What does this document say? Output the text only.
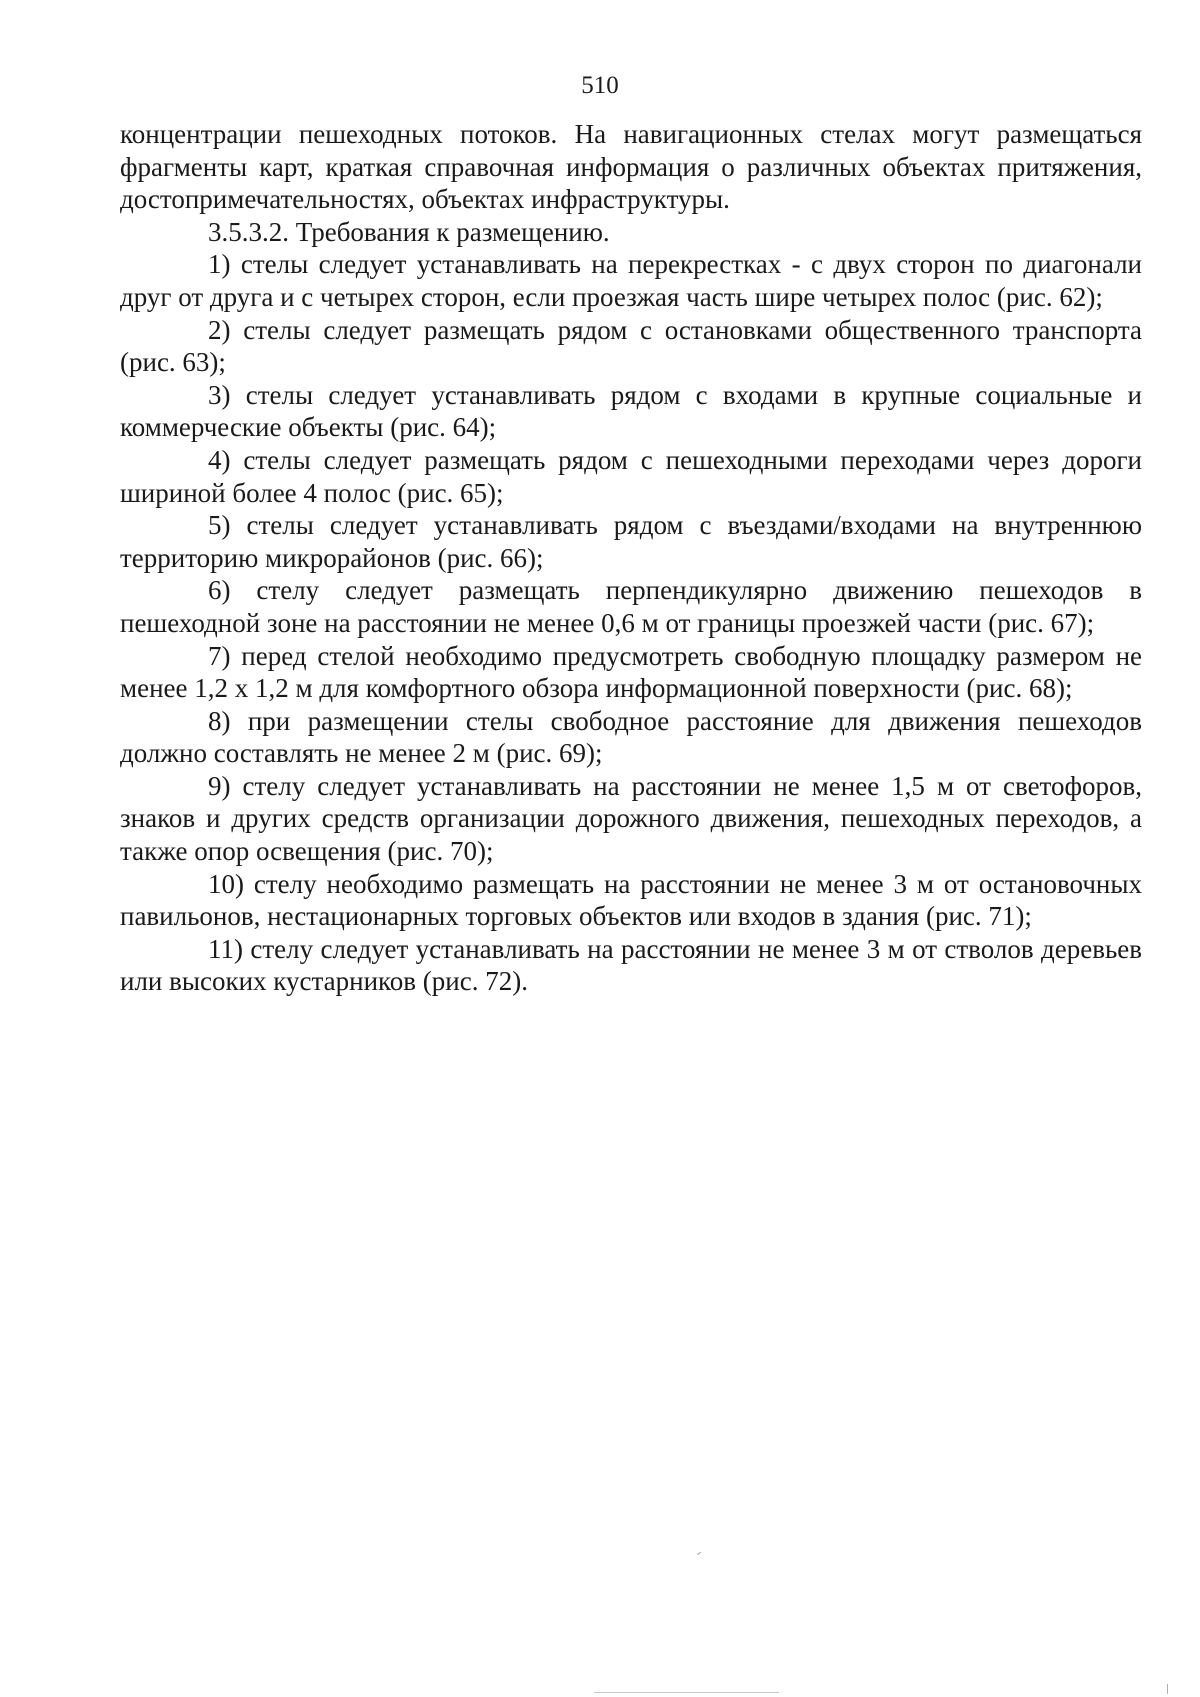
510

концентрации пешеходных потоков. На навигационных стелах могут размещаться фрагменты карт, краткая справочная информация о различных объектах притяжения, достопримечательностях, объектах инфраструктуры.

3.5.3.2. Требования к размещению.

1) стелы следует устанавливать на перекрестках - с двух сторон по диагонали друг от друга и с четырех сторон, если проезжая часть шире четырех полос (рис. 62);

2) стелы следует размещать рядом с остановками общественного транспорта (рис. 63);

3) стелы следует устанавливать рядом с входами в крупные социальные и коммерческие объекты (рис. 64);

4) стелы следует размещать рядом с пешеходными переходами через дороги шириной более 4 полос (рис. 65);

5) стелы следует устанавливать рядом с въездами/входами на внутреннюю территорию микрорайонов (рис. 66);

6) стелу следует размещать перпендикулярно движению пешеходов в пешеходной зоне на расстоянии не менее 0,6 м от границы проезжей части (рис. 67);

7) перед стелой необходимо предусмотреть свободную площадку размером не менее 1,2 х 1,2 м для комфортного обзора информационной поверхности (рис. 68);

8) при размещении стелы свободное расстояние для движения пешеходов должно составлять не менее 2 м (рис. 69);

9) стелу следует устанавливать на расстоянии не менее 1,5 м от светофоров, знаков и других средств организации дорожного движения, пешеходных переходов, а также опор освещения (рис. 70);

10) стелу необходимо размещать на расстоянии не менее 3 м от остановочных павильонов, нестационарных торговых объектов или входов в здания (рис. 71);

11) стелу следует устанавливать на расстоянии не менее 3 м от стволов деревьев или высоких кустарников (рис. 72).
